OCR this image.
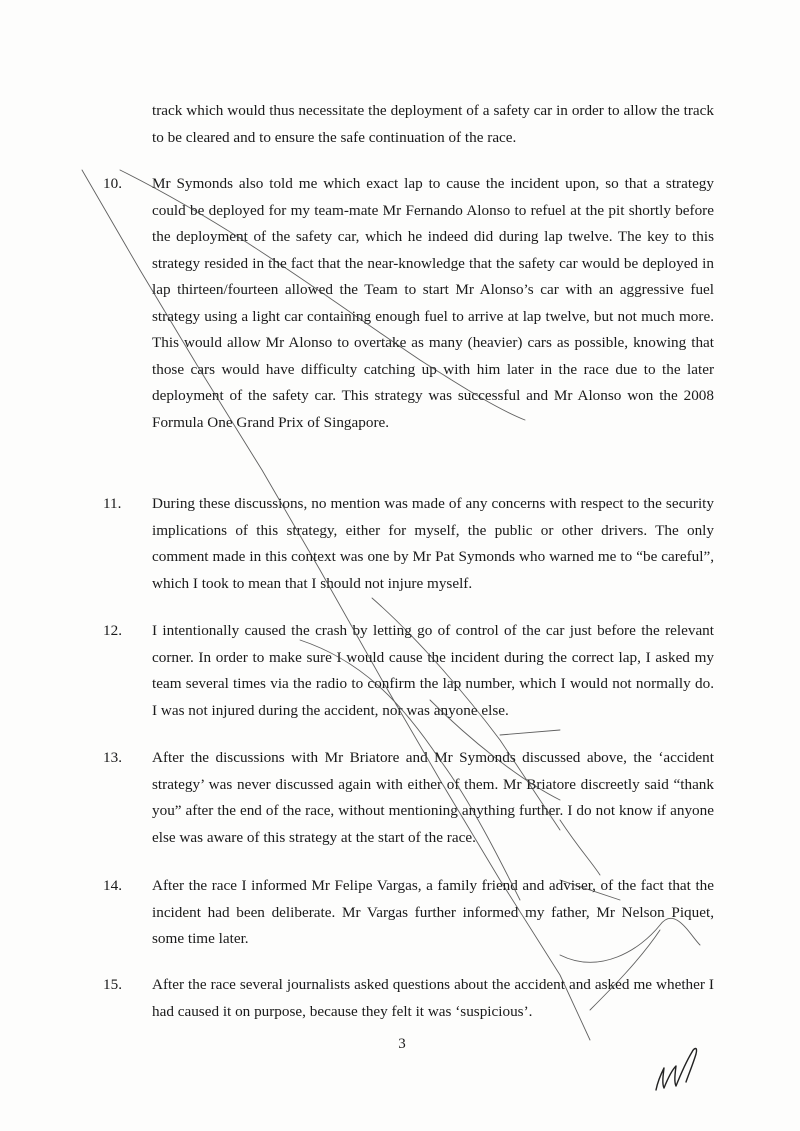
track which would thus necessitate the deployment of a safety car in order to allow the track to be cleared and to ensure the safe continuation of the race.
10.	Mr Symonds also told me which exact lap to cause the incident upon, so that a strategy could be deployed for my team-mate Mr Fernando Alonso to refuel at the pit shortly before the deployment of the safety car, which he indeed did during lap twelve. The key to this strategy resided in the fact that the near-knowledge that the safety car would be deployed in lap thirteen/fourteen allowed the Team to start Mr Alonso’s car with an aggressive fuel strategy using a light car containing enough fuel to arrive at lap twelve, but not much more. This would allow Mr Alonso to overtake as many (heavier) cars as possible, knowing that those cars would have difficulty catching up with him later in the race due to the later deployment of the safety car. This strategy was successful and Mr Alonso won the 2008 Formula One Grand Prix of Singapore.
11.	During these discussions, no mention was made of any concerns with respect to the security implications of this strategy, either for myself, the public or other drivers. The only comment made in this context was one by Mr Pat Symonds who warned me to “be careful”, which I took to mean that I should not injure myself.
12.	I intentionally caused the crash by letting go of control of the car just before the relevant corner. In order to make sure I would cause the incident during the correct lap, I asked my team several times via the radio to confirm the lap number, which I would not normally do. I was not injured during the accident, nor was anyone else.
13.	After the discussions with Mr Briatore and Mr Symonds discussed above, the ‘accident strategy’ was never discussed again with either of them. Mr Briatore discreetly said “thank you” after the end of the race, without mentioning anything further. I do not know if anyone else was aware of this strategy at the start of the race.
14.	After the race I informed Mr Felipe Vargas, a family friend and adviser, of the fact that the incident had been deliberate. Mr Vargas further informed my father, Mr Nelson Piquet, some time later.
15.	After the race several journalists asked questions about the accident and asked me whether I had caused it on purpose, because they felt it was ‘suspicious’.
3
